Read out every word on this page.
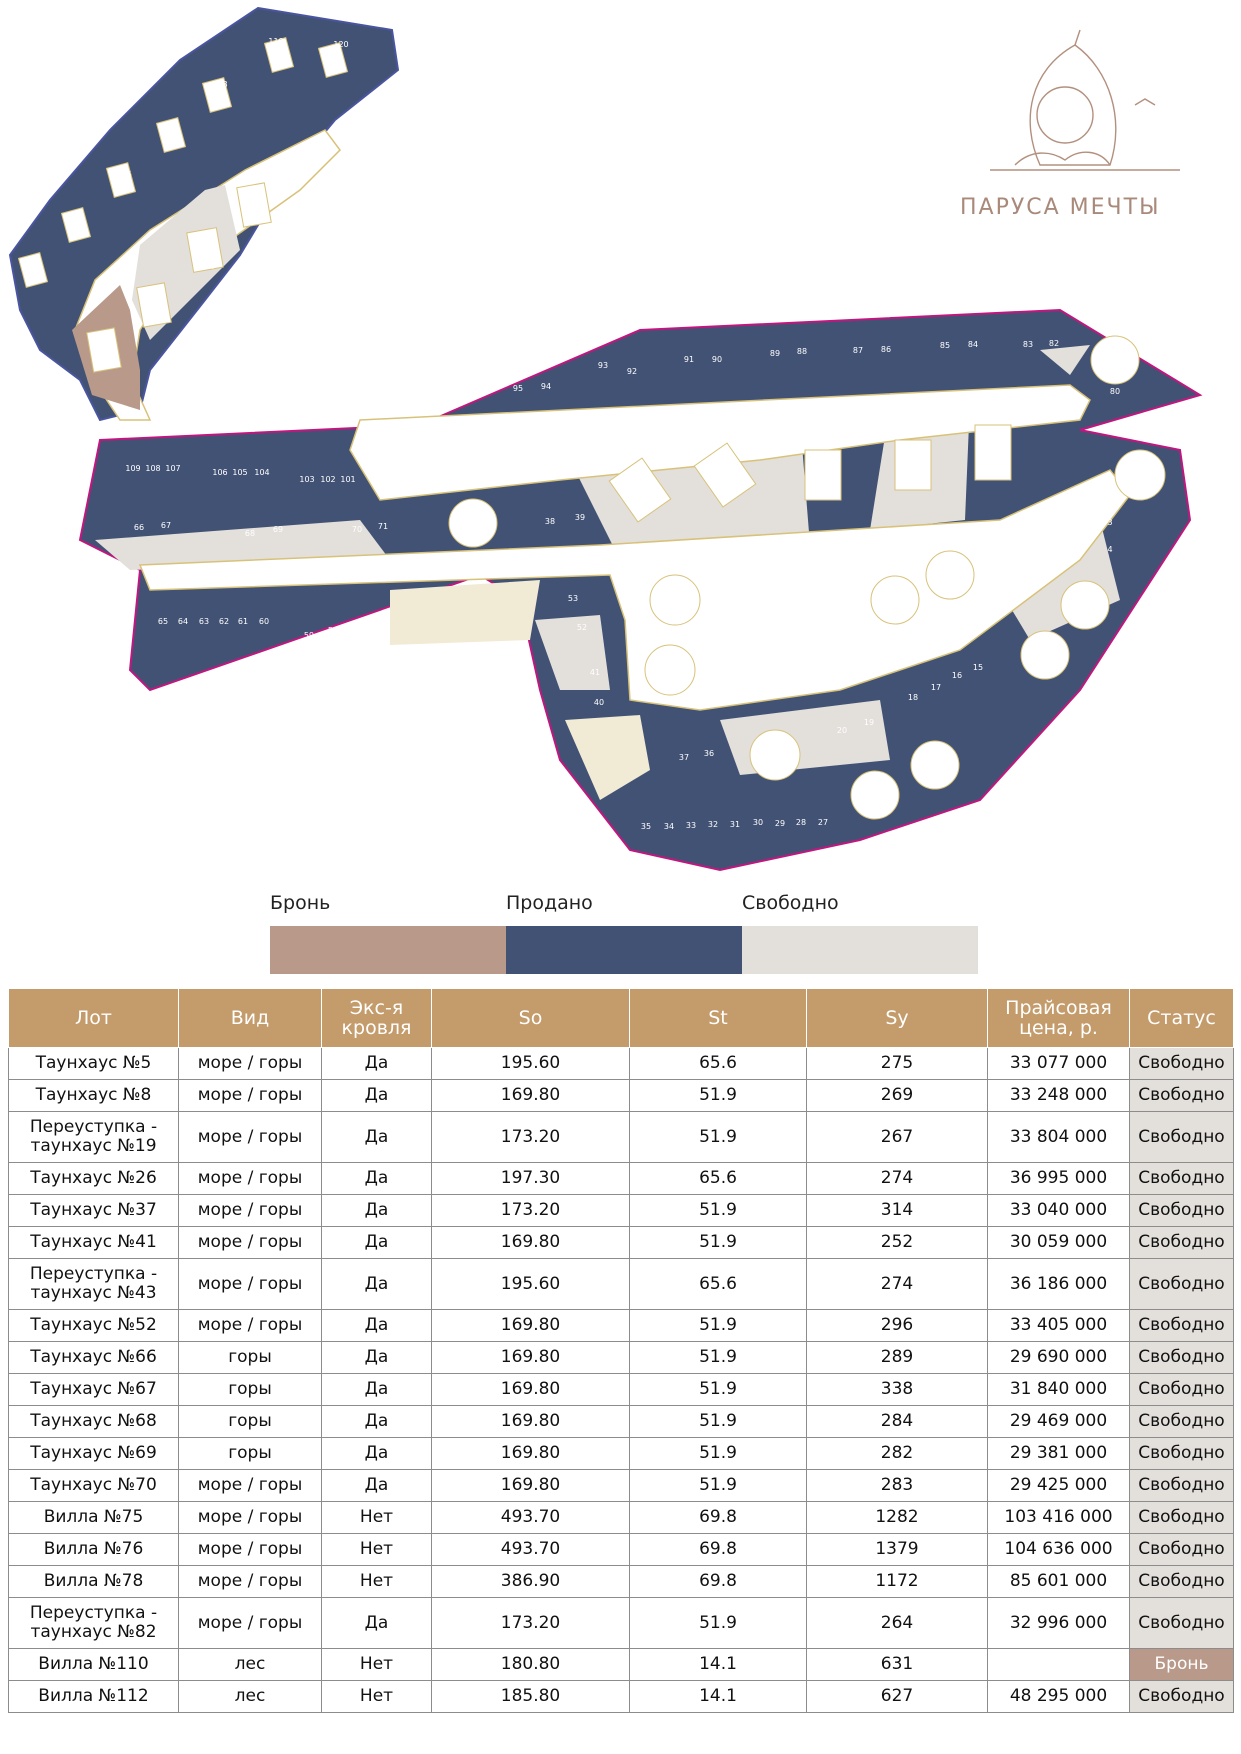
1
2
3
4
5
6
7
8
9
10
11
12
13
14
15
16
17
18
19
20
21
22
23
24
25
26
27
28
29
30
31
32
33
34
35
36
37
38 39
40
41	42
43	44 45 46
47
48
49
50
51
52
53
54	55
57
58
59
60
61
62
63
64
65
66 67
68 69	70 71	72
73
75
76
77
78
79
80
81
82
83
84
85
86
87
88
89
90
91
92
93
94
95
96
97
98
99
100
101
102
103
104
105
106
107
108
109
110
111
112
113
114
115
116
117
118
119	120
ПАРУСА МЕЧТЫ
Бронь	Продано	Свободно
Лот	Вид	Экс-я кровля	So	St	Sy	Прайсовая цена, р.	Статус
Таунхаус №5	море / горы	Да	195.60	65.6	275	33 077 000	Свободно
Таунхаус №8	море / горы	Да	169.80	51.9	269	33 248 000	Свободно
Переуступка - таунхаус №19	море / горы	Да	173.20	51.9	267	33 804 000	Свободно
Таунхаус №26	море / горы	Да	197.30	65.6	274	36 995 000	Свободно
Таунхаус №37	море / горы	Да	173.20	51.9	314	33 040 000	Свободно
Таунхаус №41	море / горы	Да	169.80	51.9	252	30 059 000	Свободно
Переуступка - таунхаус №43	море / горы	Да	195.60	65.6	274	36 186 000	Свободно
Таунхаус №52	море / горы	Да	169.80	51.9	296	33 405 000	Свободно
Таунхаус №66	горы	Да	169.80	51.9	289	29 690 000	Свободно
Таунхаус №67	горы	Да	169.80	51.9	338	31 840 000	Свободно
Таунхаус №68	горы	Да	169.80	51.9	284	29 469 000	Свободно
Таунхаус №69	горы	Да	169.80	51.9	282	29 381 000	Свободно
Таунхаус №70	море / горы	Да	169.80	51.9	283	29 425 000	Свободно
Вилла №75	море / горы	Нет	493.70	69.8	1282	103 416 000	Свободно
Вилла №76	море / горы	Нет	493.70	69.8	1379	104 636 000	Свободно
Вилла №78	море / горы	Нет	386.90	69.8	1172	85 601 000	Свободно
Переуступка - таунхаус №82	море / горы	Да	173.20	51.9	264	32 996 000	Свободно
Вилла №110	лес	Нет	180.80	14.1	631		Бронь
Вилла №112	лес	Нет	185.80	14.1	627	48 295 000	Свободно
